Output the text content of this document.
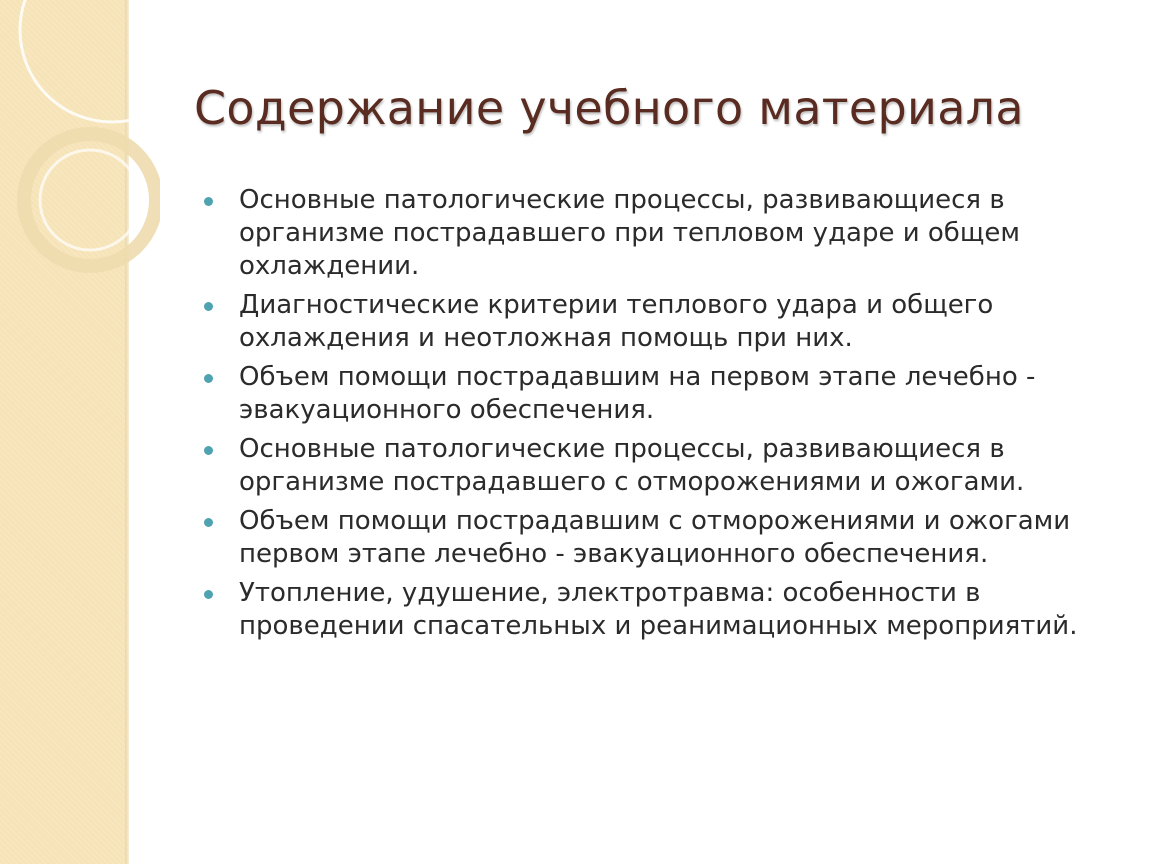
Содержание учебного материала
Основные патологические процессы, развивающиеся в организме пострадавшего при тепловом ударе и общем охлаждении.
Диагностические критерии теплового удара и общего охлаждения и неотложная помощь при них.
Объем помощи пострадавшим на первом этапе лечебно - эвакуационного обеспечения.
Основные патологические процессы, развивающиеся в организме пострадавшего с отморожениями и ожогами.
Объем помощи пострадавшим с отморожениями и ожогами первом этапе лечебно - эвакуационного обеспечения.
Утопление, удушение, электротравма: особенности в проведении спасательных и реанимационных мероприятий.
